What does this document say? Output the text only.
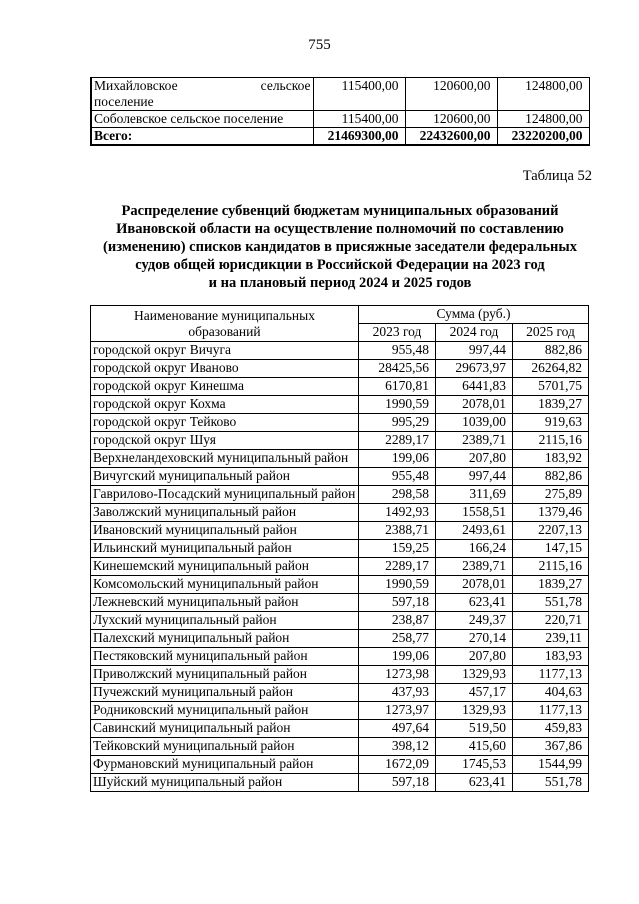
755
Михайловское сельское
поселение	115400,00	120600,00	124800,00
Соболевское сельское поселение	115400,00	120600,00	124800,00
Всего:	21469300,00	22432600,00	23220200,00
Таблица 52
Распределение субвенций бюджетам муниципальных образований
Ивановской области на осуществление полномочий по составлению
(изменению) списков кандидатов в присяжные заседатели федеральных
судов общей юрисдикции в Российской Федерации на 2023 год
и на плановый период 2024 и 2025 годов
Наименование муниципальных
образований	Сумма (руб.)		
	2023 год	2024 год	2025 год
городской округ Вичуга	955,48	997,44	882,86
городской округ Иваново	28425,56	29673,97	26264,82
городской округ Кинешма	6170,81	6441,83	5701,75
городской округ Кохма	1990,59	2078,01	1839,27
городской округ Тейково	995,29	1039,00	919,63
городской округ Шуя	2289,17	2389,71	2115,16
Верхнеландеховский муниципальный район	199,06	207,80	183,92
Вичугский муниципальный район	955,48	997,44	882,86
Гаврилово-Посадский муниципальный район	298,58	311,69	275,89
Заволжский муниципальный район	1492,93	1558,51	1379,46
Ивановский муниципальный район	2388,71	2493,61	2207,13
Ильинский муниципальный район	159,25	166,24	147,15
Кинешемский муниципальный район	2289,17	2389,71	2115,16
Комсомольский муниципальный район	1990,59	2078,01	1839,27
Лежневский муниципальный район	597,18	623,41	551,78
Лухский муниципальный район	238,87	249,37	220,71
Палехский муниципальный район	258,77	270,14	239,11
Пестяковский муниципальный район	199,06	207,80	183,93
Приволжский муниципальный район	1273,98	1329,93	1177,13
Пучежский муниципальный район	437,93	457,17	404,63
Родниковский муниципальный район	1273,97	1329,93	1177,13
Савинский муниципальный район	497,64	519,50	459,83
Тейковский муниципальный район	398,12	415,60	367,86
Фурмановский муниципальный район	1672,09	1745,53	1544,99
Шуйский муниципальный район	597,18	623,41	551,78
